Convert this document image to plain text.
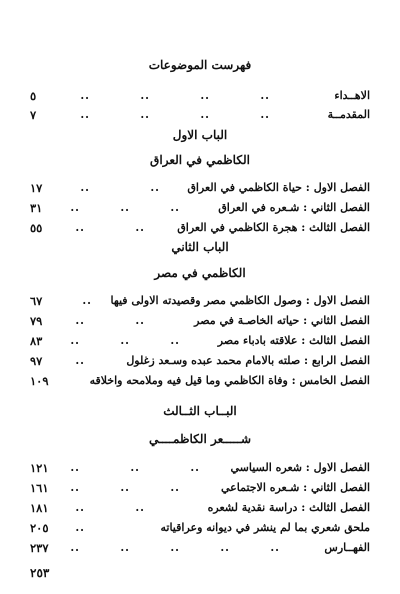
فهرست الموضوعات
الاهــداء
..
..
..
..
٥
المقدمــة
..
..
..
..
٧
الباب الاول
الكاظمي في العراق
الفصل الاول : حياة الكاظمي في العراق
..
..
١٧
الفصل الثاني : شـعره في العراق
..
..
..
٣١
الفصل الثالث : هجرة الكاظمي في العراق
..
..
٥٥
الباب الثاني
الكاظمي في مصر
الفصل الاول : وصول الكاظمي مصر وقصيدته الاولى فيها
..
٦٧
الفصل الثاني : حياته الخاصـة في مصر
..
..
٧٩
الفصل الثالث : علاقته بادباء مصر
..
..
..
٨٣
الفصل الرابع : صلته بالامام محمد عبده وسـعد زغلول
..
٩٧
الفصل الخامس : وفاة الكاظمي وما قيل فيه وملامحه واخلاقه
١٠٩
البــاب الثــالث
شـــــعر الكاظمــــي
الفصل الاول : شعره السياسي
..
..
..
١٢١
الفصل الثاني : شـعره الاجتماعي
..
..
..
١٦١
الفصل الثالث : دراسة نقدية لشعره
..
..
١٨١
ملحق شعري بما لم ينشر في ديوانه وعراقياته
..
٢٠٥
الفهــارس
..
..
..
..
..
٢٣٧
٢٥٣
